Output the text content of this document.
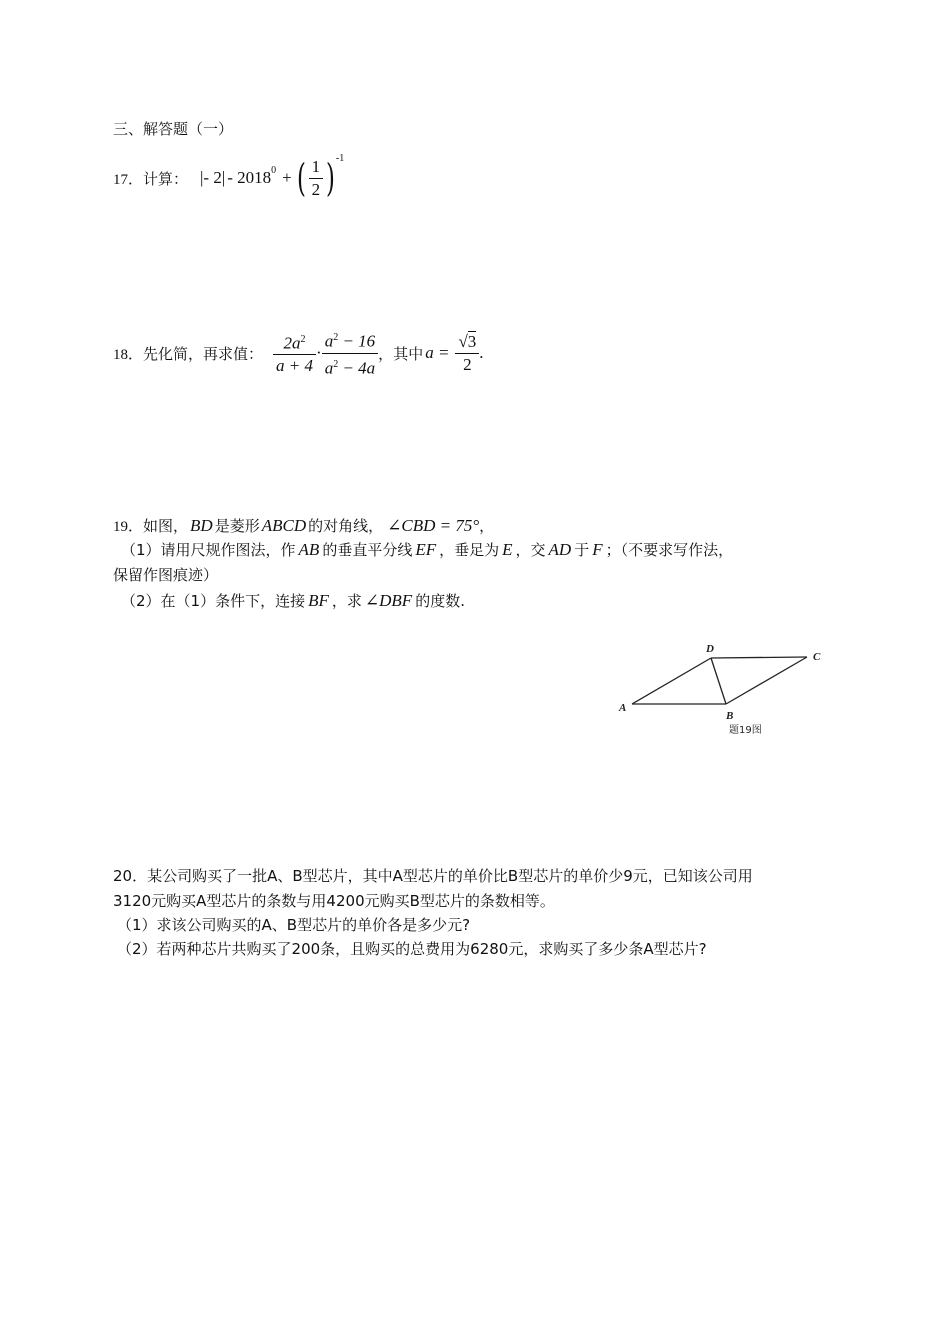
三、解答题（一）
17． 计算： |- $2| - 2018^0$ + ( $\frac{1}{2} )^{-1}$
18． 先化简，再求值： $\frac{2a^2}{a + 4} \cdot \frac{a^2 - 16}{a^2 - 4a}$ ， 其中 $a = \frac{√3}{2}$ .
19．如图， BD 是菱形 ABCD 的对角线， ∠CBD = 75°，
（1）请用尺规作图法，作 AB 的垂直平分线 EF ，垂足为 E ，交 AD 于 F ；（不要求写作法，
保留作图痕迹）
（2）在（1）条件下，连接 BF ，求 ∠DBF 的度数.
A
D
C
B
题19图
20．某公司购买了一批A、B型芯片，其中A型芯片的单价比B型芯片的单价少9元，已知该公司用
3120元购买A型芯片的条数与用4200元购买B型芯片的条数相等。
（1）求该公司购买的A、B型芯片的单价各是多少元?
（2）若两种芯片共购买了200条，且购买的总费用为6280元，求购买了多少条A型芯片?
